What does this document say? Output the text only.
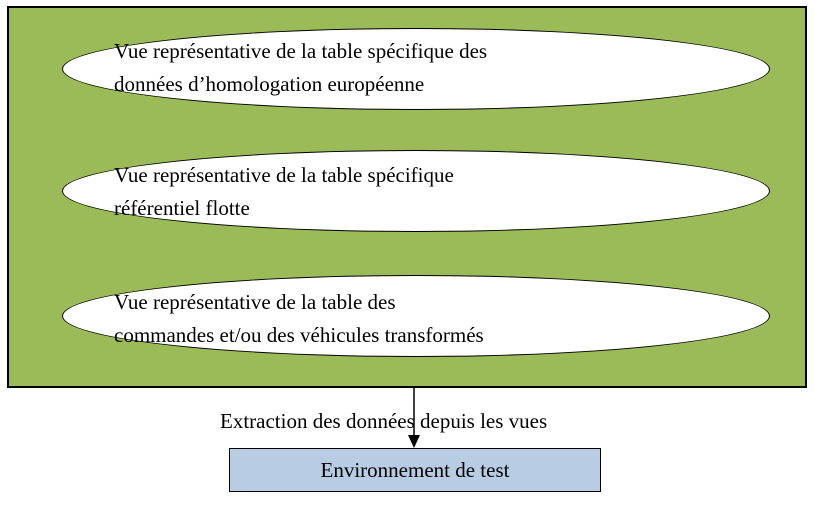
Vue représentative de la table spécifique des
données d’homologation européenne

Vue représentative de la table spécifique
référentiel flotte

Vue représentative de la table des
commandes et/ou des véhicules transformés

Extraction des données depuis les vues

Environnement de test
